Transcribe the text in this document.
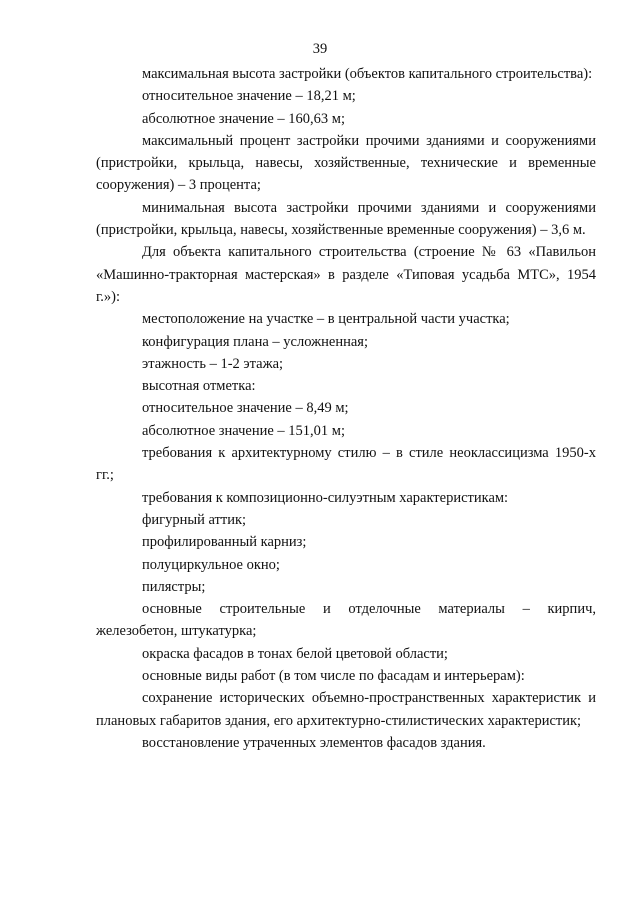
39

максимальная высота застройки (объектов капитального строительства):

относительное значение – 18,21 м;

абсолютное значение – 160,63 м;

максимальный процент застройки прочими зданиями и сооружениями (пристройки, крыльца, навесы, хозяйственные, технические и временные сооружения) – 3 процента;

минимальная высота застройки прочими зданиями и сооружениями (пристройки, крыльца, навесы, хозяйственные временные сооружения) – 3,6 м.

Для объекта капитального строительства (строение № 63 «Павильон «Машинно-тракторная мастерская» в разделе «Типовая усадьба МТС», 1954 г.»):

местоположение на участке – в центральной части участка;

конфигурация плана – усложненная;

этажность – 1-2 этажа;

высотная отметка:

относительное значение – 8,49 м;

абсолютное значение – 151,01 м;

требования к архитектурному стилю – в стиле неоклассицизма 1950-х гг.;

требования к композиционно-силуэтным характеристикам:

фигурный аттик;

профилированный карниз;

полуциркульное окно;

пилястры;

основные строительные и отделочные материалы – кирпич, железобетон, штукатурка;

окраска фасадов в тонах белой цветовой области;

основные виды работ (в том числе по фасадам и интерьерам):

сохранение исторических объемно-пространственных характеристик и плановых габаритов здания, его архитектурно-стилистических характеристик;

восстановление утраченных элементов фасадов здания.
